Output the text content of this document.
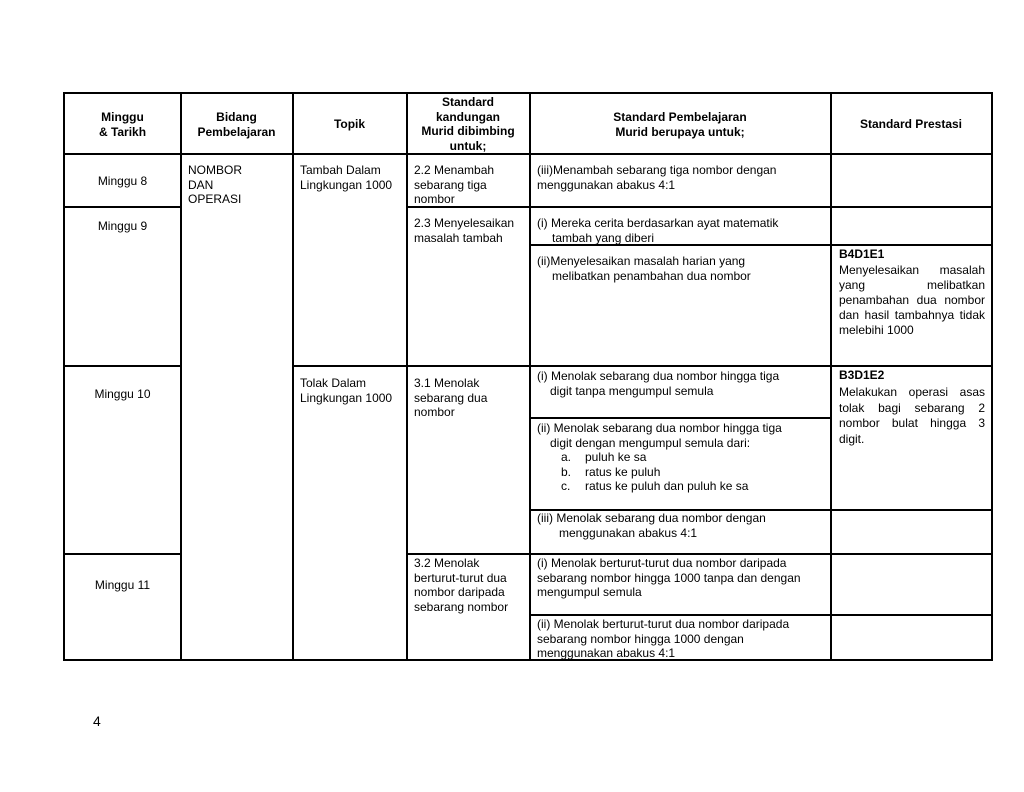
Minggu
& Tarikh
Bidang
Pembelajaran
Topik
Standard
kandungan
Murid dibimbing
untuk;
Standard Pembelajaran
Murid berupaya untuk;
Standard Prestasi
Minggu 8
Minggu 9
Minggu 10
Minggu 11
NOMBOR
DAN
OPERASI
Tambah Dalam
Lingkungan 1000
Tolak Dalam
Lingkungan 1000
2.2 Menambah
sebarang tiga
nombor
2.3 Menyelesaikan
masalah tambah
3.1 Menolak
sebarang dua
nombor
3.2 Menolak
berturut-turut dua
nombor daripada
sebarang nombor
(iii)Menambah sebarang tiga nombor dengan
menggunakan abakus 4:1
(i) Mereka cerita berdasarkan ayat matematik
tambah yang diberi
(ii)Menyelesaikan masalah harian yang
melibatkan penambahan dua nombor
(i) Menolak sebarang dua nombor hingga tiga
digit tanpa mengumpul semula
(ii) Menolak sebarang dua nombor hingga tiga
digit dengan mengumpul semula dari:
a. puluh ke sa
b. ratus ke puluh
c. ratus ke puluh dan puluh ke sa
(iii) Menolak sebarang dua nombor dengan
menggunakan abakus 4:1
(i) Menolak berturut-turut dua nombor daripada
sebarang nombor hingga 1000 tanpa dan dengan
mengumpul semula
(ii) Menolak berturut-turut dua nombor daripada
sebarang nombor hingga 1000 dengan
menggunakan abakus 4:1
B4D1E1
Menyelesaikan masalah yang melibatkan penambahan dua nombor dan hasil tambahnya tidak melebihi 1000
B3D1E2
Melakukan operasi asas tolak bagi sebarang 2 nombor bulat hingga 3 digit.
4
